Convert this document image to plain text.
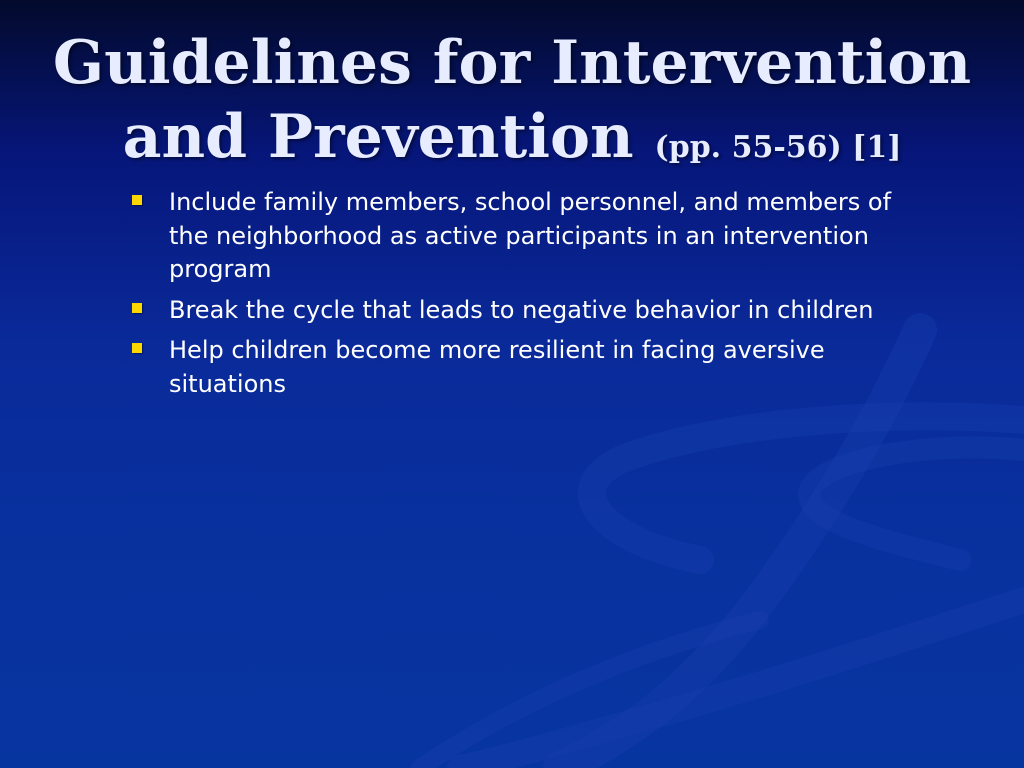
Guidelines for Intervention and Prevention (pp. 55-56) [1]
Include family members, school personnel, and members of the neighborhood as active participants in an intervention program
Break the cycle that leads to negative behavior in children
Help children become more resilient in facing aversive situations
